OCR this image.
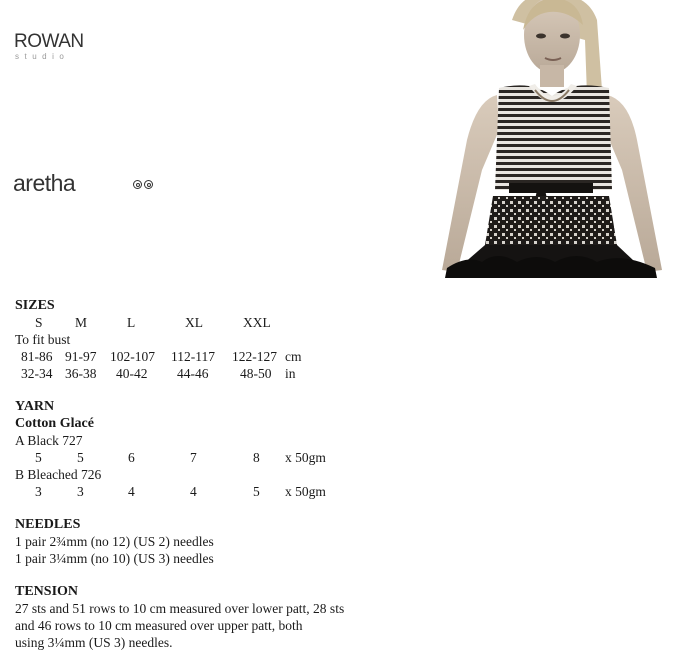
ROWAN
studio
aretha
SIZES
S M	L	XL	XXL
To fit bust
81-86 91-97 102-107 112-117 122-127 cm
32-34 36-38 40-42 44-46 48-50 in
YARN
Cotton Glacé
A Black 727
5	5	6	7	8 x 50gm
B Bleached 726
3	3	4	4	5 x 50gm
NEEDLES
1 pair 2¾mm (no 12) (US 2) needles
1 pair 3¼mm (no 10) (US 3) needles
TENSION
27 sts and 51 rows to 10 cm measured over lower patt, 28 sts
and 46 rows to 10 cm measured over upper patt, both
using 3¼mm (US 3) needles.
